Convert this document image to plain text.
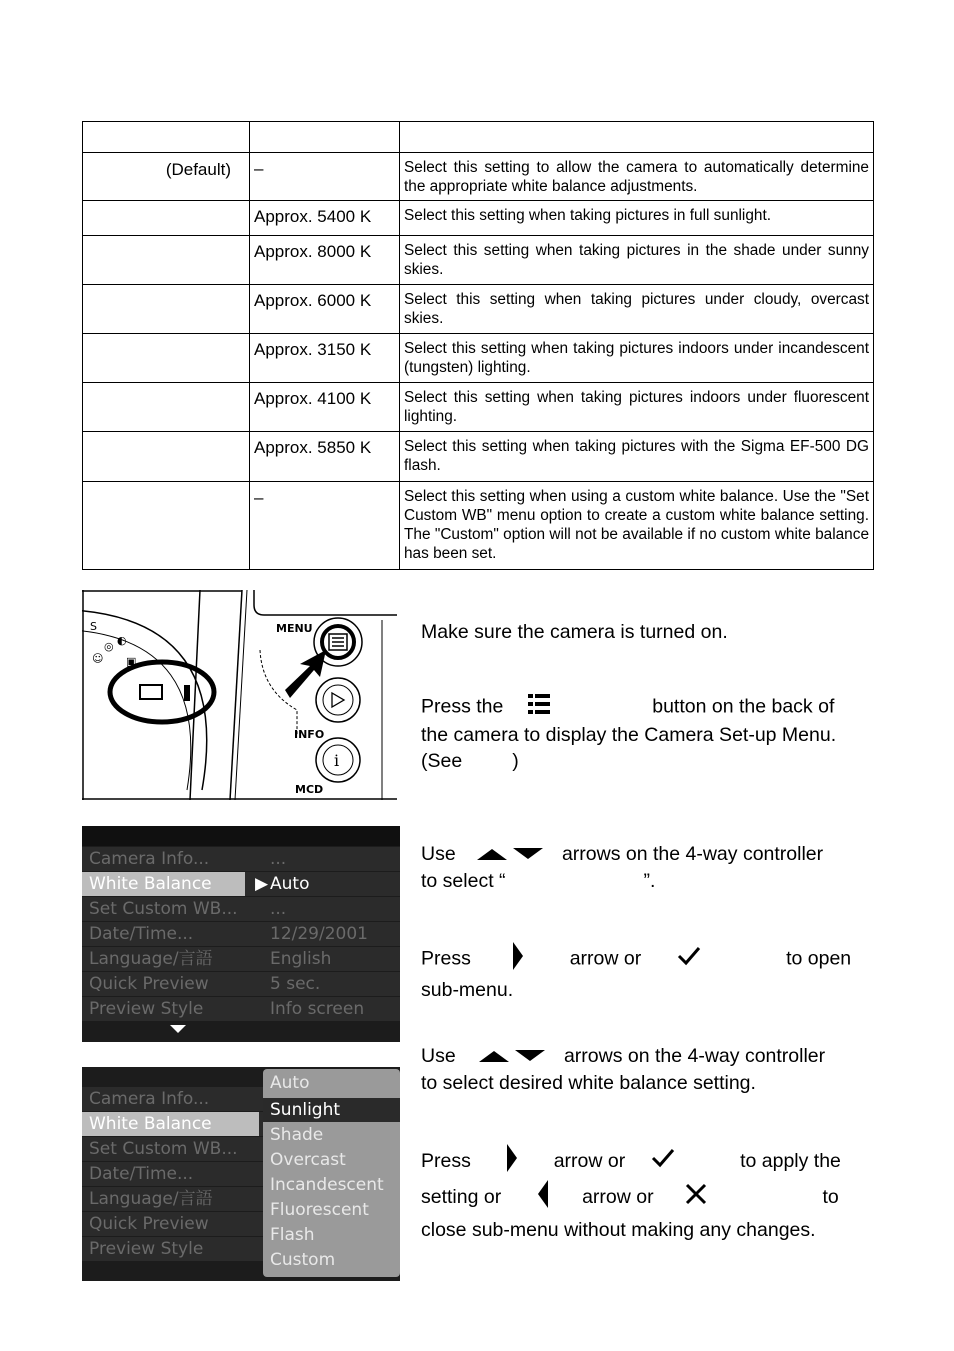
(Default)	–	Select this setting to allow the camera to automatically determine the appropriate white balance adjustments.
	Approx. 5400 K	Select this setting when taking pictures in full sunlight.
	Approx. 8000 K	Select this setting when taking pictures in the shade under sunny skies.
	Approx. 6000 K	Select this setting when taking pictures under cloudy, overcast skies.
	Approx. 3150 K	Select this setting when taking pictures indoors under incandescent (tungsten) lighting.
	Approx. 4100 K	Select this setting when taking pictures indoors under fluorescent lighting.
	Approx. 5850 K	Select this setting when taking pictures with the Sigma EF-500 DG flash.
	–	Select this setting when using a custom white balance. Use the "Set Custom WB" menu option to create a custom white balance setting. The "Custom" option will not be available if no custom white balance has been set.
S
◎
☺
◐
▣
MENU
INFO
i
MCD
Make sure the camera is turned on.
Press the	button on the back of
the camera to display the Camera Set-up Menu.
(See	)
Use	arrows on the 4-way controller
to select “	”.
Press	arrow or	to open
sub-menu.
Use	arrows on the 4-way controller
to select desired white balance setting.
Press	arrow or	to apply the
setting or	arrow or	to
close sub-menu without making any changes.
Camera Info...	...
White Balance	▶ Auto
Set Custom WB...	...
Date/Time...	12/29/2001
Language/言語	English
Quick Preview	5 sec.
Preview Style	Info screen
Camera Info...
White Balance
Set Custom WB...
Date/Time...
Language/言語
Quick Preview
Preview Style
Auto
Sunlight
Shade
Overcast
Incandescent
Fluorescent
Flash
Custom
